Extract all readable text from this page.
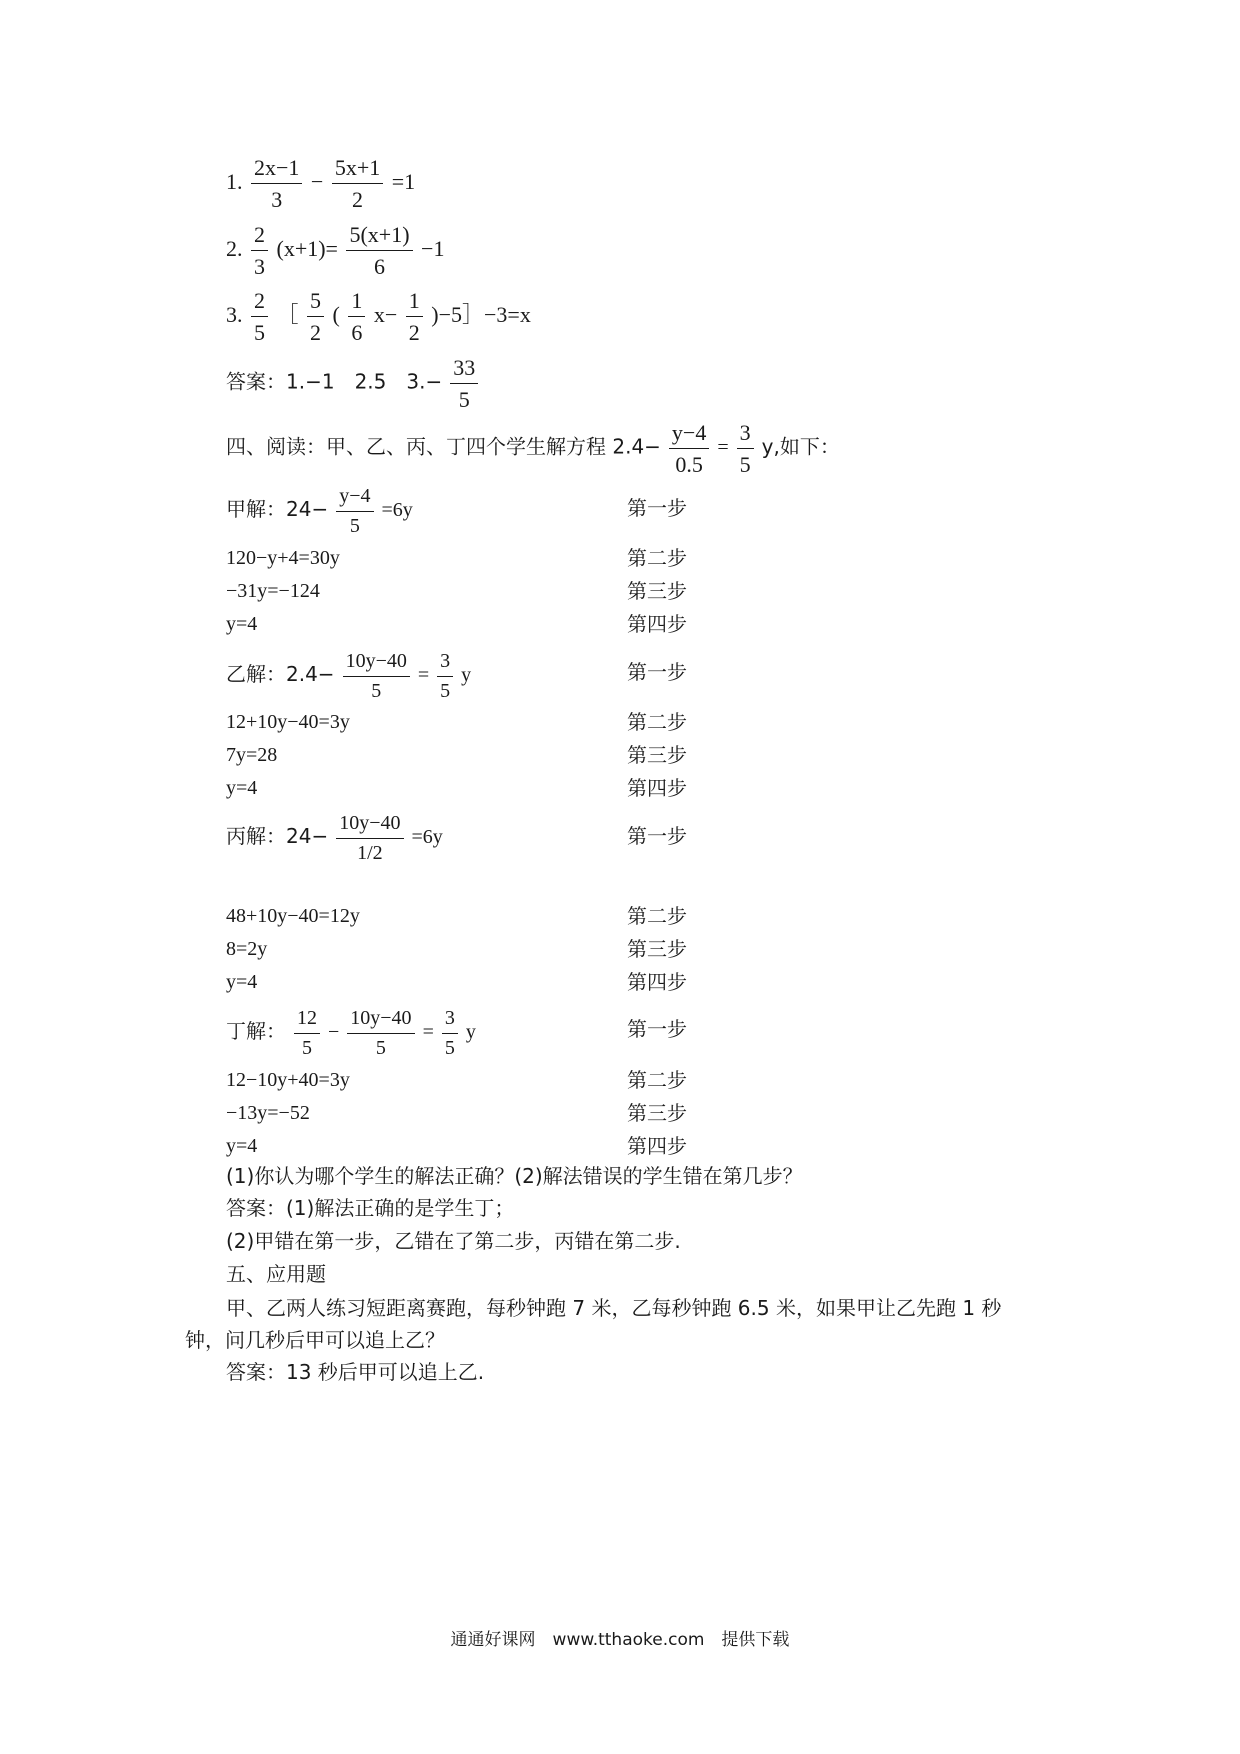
1. $\frac{2x-1}{3} - \frac{5x+1}{2} =1$
2. $\frac{2}{3} (x+1)= \frac{5(x+1)}{6} -1$
3. $\frac{2}{5}$ ［ $\frac{5}{2}$ ( $\frac{1}{6} x- \frac{1}{2}$ )−5］−3=x
答案：1.−1　2.5　$3.- \frac{33}{5}$
四、阅读：甲、乙、丙、丁四个学生解方程 $2.4- \frac{y-4}{0.5} = \frac{3}{5} y$,如下：
甲解：$24- \frac{y-4}{5} =6y$	第一步
120−y+4=30y	第二步
−31y=−124	第三步
y=4	第四步
乙解：$2.4- \frac{10y-40}{5} = \frac{3}{5}$ y	第一步
12+10y−40=3y	第二步
7y=28	第三步
y=4	第四步
丙解：$24- \frac{10y-40}{1/2} =6y$	第一步
48+10y−40=12y	第二步
8=2y	第三步
y=4	第四步
丁解： $\frac{12}{5} - \frac{10y-40}{5} = \frac{3}{5}$ y	第一步
12−10y+40=3y	第二步
−13y=−52	第三步
y=4	第四步
(1)你认为哪个学生的解法正确？(2)解法错误的学生错在第几步？
答案：(1)解法正确的是学生丁；
(2)甲错在第一步，乙错在了第二步，丙错在第二步.
五、应用题
甲、乙两人练习短距离赛跑，每秒钟跑 7 米，乙每秒钟跑 6.5 米，如果甲让乙先跑 1 秒
钟，问几秒后甲可以追上乙？
答案：13 秒后甲可以追上乙.
通通好课网　www.tthaoke.com　提供下载
